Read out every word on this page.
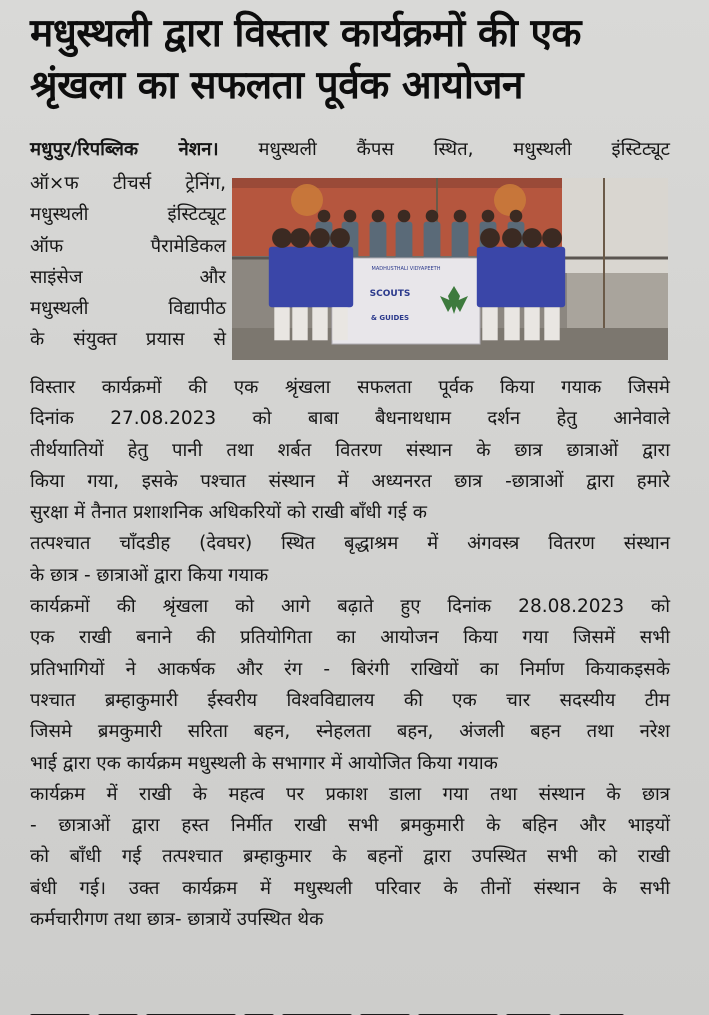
मधुस्थली द्वारा विस्तार कार्यक्रमों की एक
श्रृंखला का सफलता पूर्वक आयोजन
मधुपुर/रिपब्लिक नेशन। मधुस्थली कैंपस स्थित, मधुस्थली इंस्टिट्यूट
ऑ×फ टीचर्स ट्रेनिंग,
मधुस्थली इंस्टिट्यूट
ऑफ पैरामेडिकल
साइंसेज और
मधुस्थली विद्यापीठ
के संयुक्त प्रयास से
MADHUSTHALI VIDYAPEETH
SCOUTS
& GUIDES
विस्तार कार्यक्रमों की एक श्रृंखला सफलता पूर्वक किया गयाक जिसमे
दिनांक 27.08.2023 को बाबा बैधनाथधाम दर्शन हेतु आनेवाले
तीर्थयातियों हेतु पानी तथा शर्बत वितरण संस्थान के छात्र छात्राओं द्वारा
किया गया, इसके पश्चात संस्थान में अध्यनरत छात्र -छात्राओं द्वारा हमारे
सुरक्षा में तैनात प्रशाशनिक अधिकरियों को राखी बाँधी गई क
तत्पश्चात चाँदडीह (देवघर) स्थित बृद्धाश्रम में अंगवस्त्र वितरण संस्थान
के छात्र - छात्राओं द्वारा किया गयाक
कार्यक्रमों की श्रृंखला को आगे बढ़ाते हुए दिनांक 28.08.2023 को
एक राखी बनाने की प्रतियोगिता का आयोजन किया गया जिसमें सभी
प्रतिभागियों ने आकर्षक और रंग - बिरंगी राखियों का निर्माण कियाकइसके
पश्चात ब्रम्हाकुमारी ईस्वरीय विश्वविद्यालय की एक चार सदस्यीय टीम
जिसमे ब्रमकुमारी सरिता बहन, स्नेहलता बहन, अंजली बहन तथा नरेश
भाई द्वारा एक कार्यक्रम मधुस्थली के सभागार में आयोजित किया गयाक
कार्यक्रम में राखी के महत्व पर प्रकाश डाला गया तथा संस्थान के छात्र
- छात्राओं द्वारा हस्त निर्मीत राखी सभी ब्रमकुमारी के बहिन और भाइयों
को बाँधी गई तत्पश्चात ब्रम्हाकुमार के बहनों द्वारा उपस्थित सभी को राखी
बंधी गई। उक्त कार्यक्रम में मधुस्थली परिवार के तीनों संस्थान के सभी
कर्मचारीगण तथा छात्र- छात्रायें उपस्थित थेक
